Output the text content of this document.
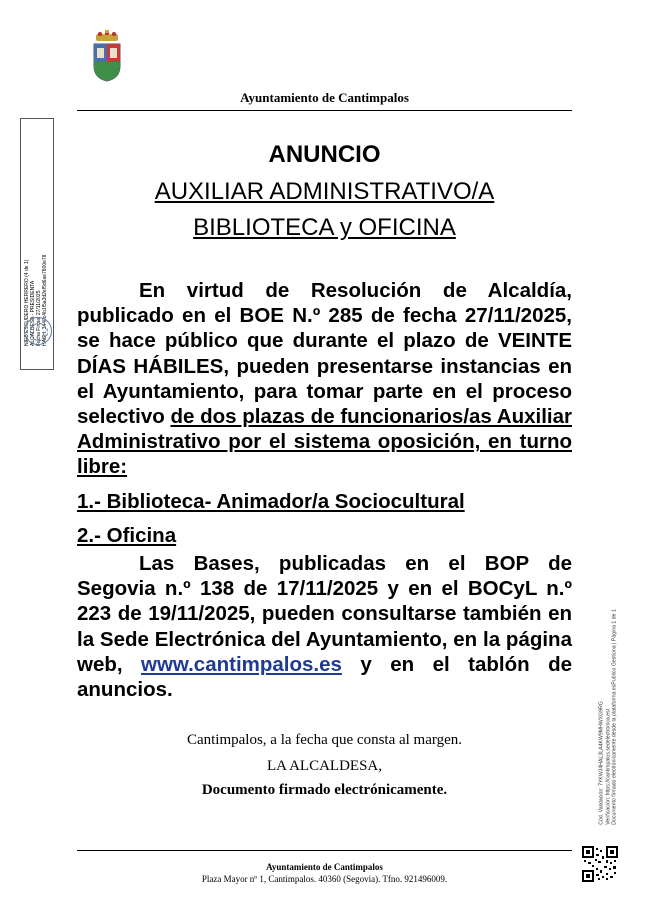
Ayuntamiento de Cantimpalos
NIEB ESCUDERO HERRERO (4 de 1) ALCALDESA - PRESIDENTA Fecha Firma: 27/11/2025 HASH: 3440c4b1f5a3d2ef5d6ae7800e78
ANUNCIO
AUXILIAR ADMINISTRATIVO/A
BIBLIOTECA y OFICINA

En virtud de Resolución de Alcaldía, publicado en el BOE N.º 285 de fecha 27/11/2025, se hace público que durante el plazo de VEINTE DÍAS HÁBILES, pueden presentarse instancias en el Ayuntamiento, para tomar parte en el proceso selectivo de dos plazas de funcionarios/as Auxiliar Administrativo por el sistema oposición, en turno libre:

1.- Biblioteca- Animador/a Sociocultural

2.- Oficina

Las Bases, publicadas en el BOP de Segovia n.º 138 de 17/11/2025 y en el BOCyL n.º 223 de 19/11/2025, pueden consultarse también en la Sede Electrónica del Ayuntamiento, en la página web, www.cantimpalos.es y en el tablón de anuncios.

Cantimpalos, a la fecha que consta al margen.
LA ALCALDESA,
Documento firmado electrónicamente.	Cód. Validación: 7YKWJ4HAL3LA4KW9MHWXG9RG Verificación: https://cantimpalos.sedelectronica.es/ Documento firmado electrónicamente desde la plataforma esPublico Gestiona | Página 1 de 1
Ayuntamiento de Cantimpalos
Plaza Mayor nº 1, Cantimpalos. 40360 (Segovia). Tfno. 921496009.
